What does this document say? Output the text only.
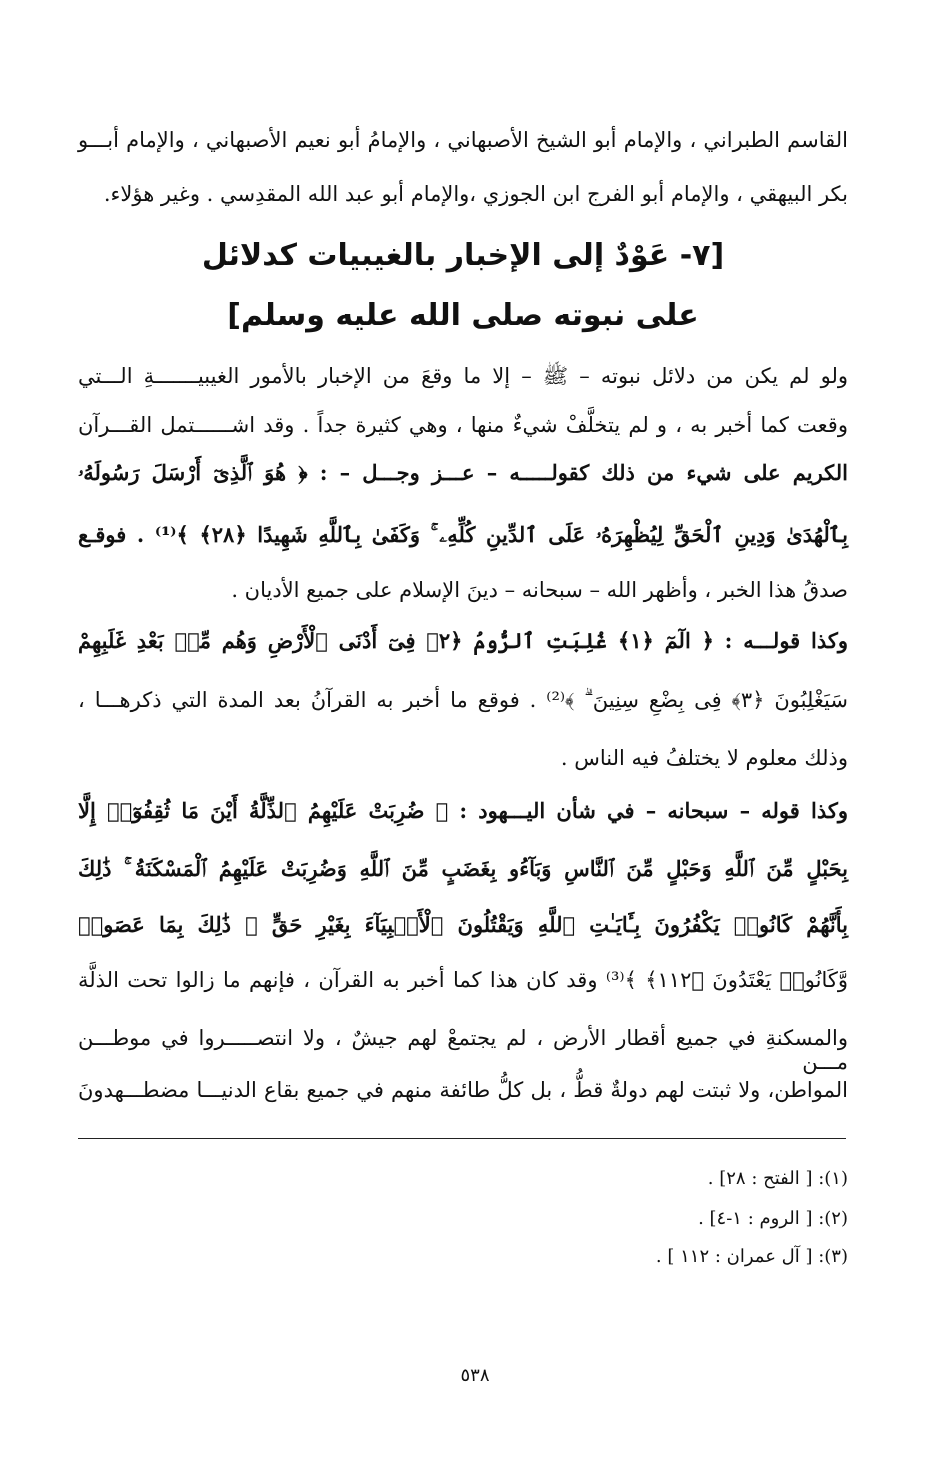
القاسم الطبراني ، والإمام أبو الشيخ الأصبهاني ، والإمامُ أبو نعيم الأصبهاني ، والإمام أبـــو
بكر البيهقي ، والإمام أبو الفرج ابن الجوزي ،والإمام أبو عبد الله المقدِسي . وغير هؤلاء.
[٧- عَوْدٌ إلى الإخبار بالغيبيات كدلائل
على نبوته صلى الله عليه وسلم]
ولو لم يكن من دلائل نبوته – ﷺ – إلا ما وقعَ من الإخبار بالأمور الغيبيـــــــةِ الـــتي
وقعت كما أخبر به ، و لم يتخلَّفْ شيءٌ منها ، وهي كثيرة جداً . وقد اشــــــتمل القـــرآن
الكريم على شيء من ذلك كقولـــــه – عـــز وجـــل – : ﴿ هُوَ ٱلَّذِىٓ أَرْسَلَ رَسُولَهُۥ
بِٱلْهُدَىٰ وَدِينِ ٱلْحَقِّ لِيُظْهِرَهُۥ عَلَى ٱلدِّينِ كُلِّهِۦ ۚ وَكَفَىٰ بِٱللَّهِ شَهِيدًا ﴿٢٨﴾ ﴾⁽¹⁾ . فوقـع
صدقُ هذا الخبر ، وأظهر الله – سبحانه – دينَ الإسلام على جميع الأديان .
وكذا قولـــه : ﴿ الٓمٓ ﴿١﴾ غُلِبَتِ ٱلرُّومُ ﴿٢﴾ فِىٓ أَدْنَى ٱلْأَرْضِ وَهُم مِّنۢ بَعْدِ غَلَبِهِمْ
سَيَغْلِبُونَ ﴿٣﴾ فِى بِضْعِ سِنِينَ ۗ ﴾⁽²⁾ . فوقع ما أخبر به القرآنُ بعد المدة التي ذكرهـــا ،
وذلك معلوم لا يختلفُ فيه الناس .
وكذا قوله – سبحانه – في شأن اليـــهود : ﴿ ضُرِبَتْ عَلَيْهِمُ ٱلذِّلَّةُ أَيْنَ مَا ثُقِفُوٓا۟ إِلَّا
بِحَبْلٍ مِّنَ ٱللَّهِ وَحَبْلٍ مِّنَ ٱلنَّاسِ وَبَآءُو بِغَضَبٍ مِّنَ ٱللَّهِ وَضُرِبَتْ عَلَيْهِمُ ٱلْمَسْكَنَةُ ۚ ذَٰلِكَ
بِأَنَّهُمْ كَانُوا۟ يَكْفُرُونَ بِـَٔايَـٰتِ ٱللَّهِ وَيَقْتُلُونَ ٱلْأَنۢبِيَآءَ بِغَيْرِ حَقٍّ ۚ ذَٰلِكَ بِمَا عَصَوا۟
وَّكَانُوا۟ يَعْتَدُونَ ﴿١١٢﴾ ﴾⁽³⁾ وقد كان هذا كما أخبر به القرآن ، فإنهم ما زالوا تحت الذلَّة
والمسكنةِ في جميع أقطار الأرض ، لم يجتمعْ لهم جيشٌ ، ولا انتصـــــروا في موطـــن مـــن
المواطن، ولا ثبتت لهم دولةٌ قطُّ ، بل كلُّ طائفة منهم في جميع بقاع الدنيـــا مضطـــهدونَ
(١): [ الفتح : ٢٨] .
(٢): [ الروم : ١-٤] .
(٣): [ آل عمران : ١١٢ ] .
٥٣٨
